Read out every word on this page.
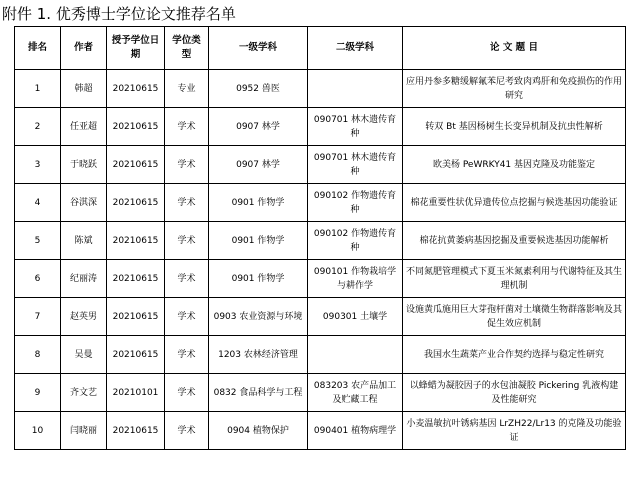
附件 1. 优秀博士学位论文推荐名单
排名	作者	授予学位日期	学位类型	一级学科	二级学科	论 文 题 目
1	韩超	20210615	专业	0952 兽医		应用丹参多糖缓解氟苯尼考致肉鸡肝和免疫损伤的作用研究
2	任亚超	20210615	学术	0907 林学	090701 林木遗传育种	转双 Bt 基因杨树生长变异机制及抗虫性解析
3	于晓跃	20210615	学术	0907 林学	090701 林木遗传育种	欧美杨 PeWRKY41 基因克隆及功能鉴定
4	谷淇深	20210615	学术	0901 作物学	090102 作物遗传育种	棉花重要性状优异遗传位点挖掘与候选基因功能验证
5	陈斌	20210615	学术	0901 作物学	090102 作物遗传育种	棉花抗黄萎病基因挖掘及重要候选基因功能解析
6	纪丽涛	20210615	学术	0901 作物学	090101 作物栽培学与耕作学	不同氮肥管理模式下夏玉米氮素利用与代谢特征及其生理机制
7	赵英男	20210615	学术	0903 农业资源与环境	090301 土壤学	设施黄瓜施用巨大芽孢杆菌对土壤微生物群落影响及其促生效应机制
8	吴曼	20210615	学术	1203 农林经济管理		我国水生蔬菜产业合作契约选择与稳定性研究
9	齐文艺	20210101	学术	0832 食品科学与工程	083203 农产品加工及贮藏工程	以蜂蜡为凝胶因子的水包油凝胶 Pickering 乳液构建及性能研究
10	闫晓丽	20210615	学术	0904 植物保护	090401 植物病理学	小麦温敏抗叶锈病基因 LrZH22/Lr13 的克隆及功能验证
